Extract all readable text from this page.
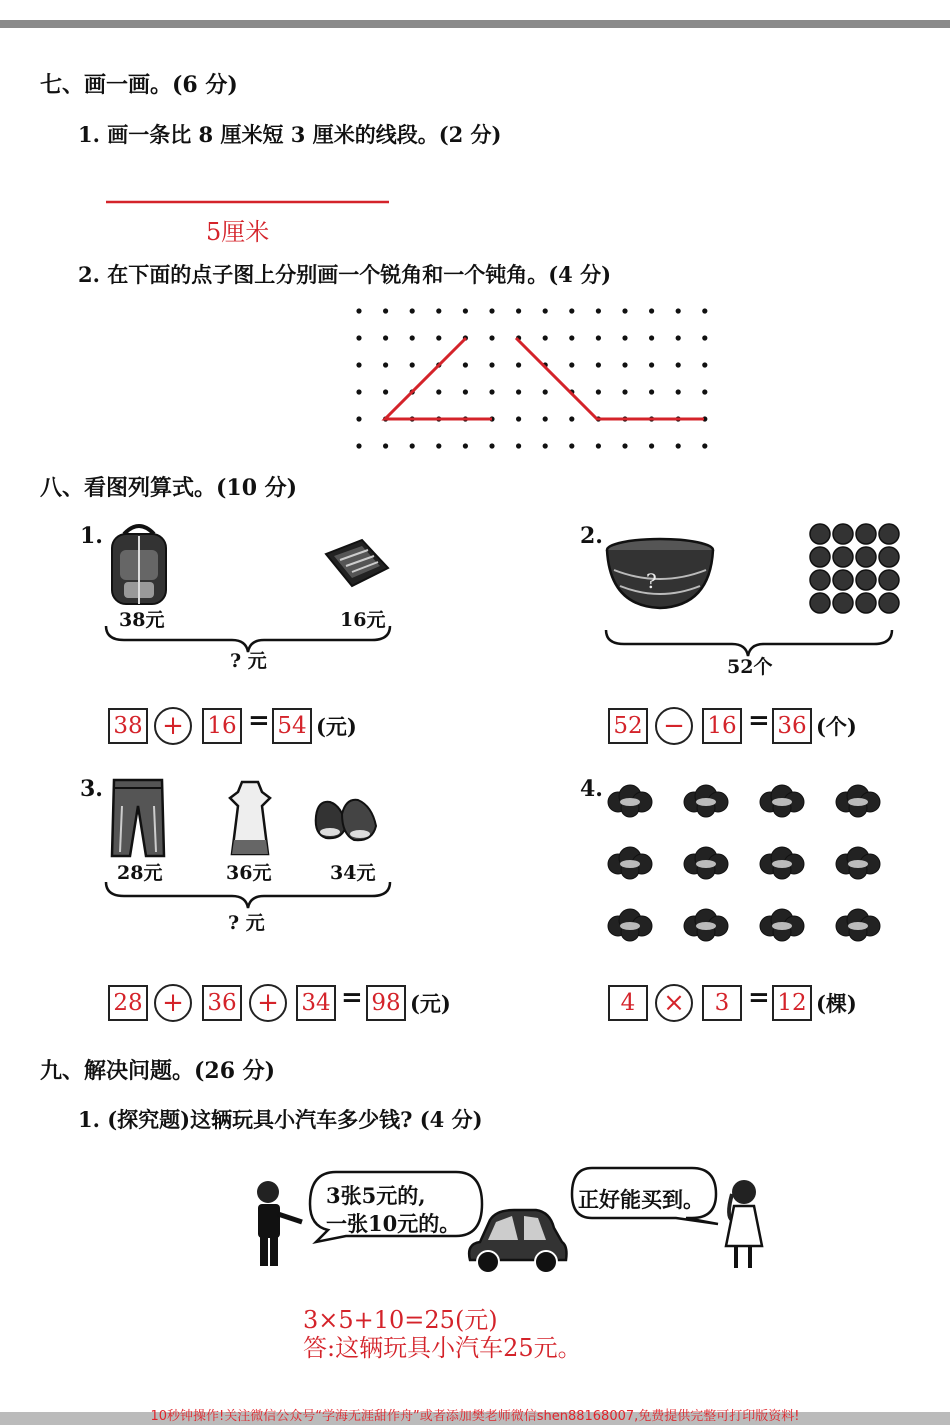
七、画一画。(6 分)
1. 画一条比 8 厘米短 3 厘米的线段。(2 分)
5厘米
2. 在下面的点子图上分别画一个锐角和一个钝角。(4 分)
八、看图列算式。(10 分)
1.
38元	16元
? 元
38 +	16 = 54 (元)
2.
?
52个
52 − 16 = 36 (个)
3.
28元	36元	34元
? 元
28 +	36 + 34 = 98 (元)
4.
4	×	3 = 12 (棵)
九、解决问题。(26 分)
1. (探究题)这辆玩具小汽车多少钱? (4 分)
3张5元的,
一张10元的。
正好能买到。
3×5+10=25(元)
答:这辆玩具小汽车25元。
10秒钟操作!关注微信公众号“学海无涯甜作舟”或者添加樊老师微信shen88168007,免费提供完整可打印版资料!
